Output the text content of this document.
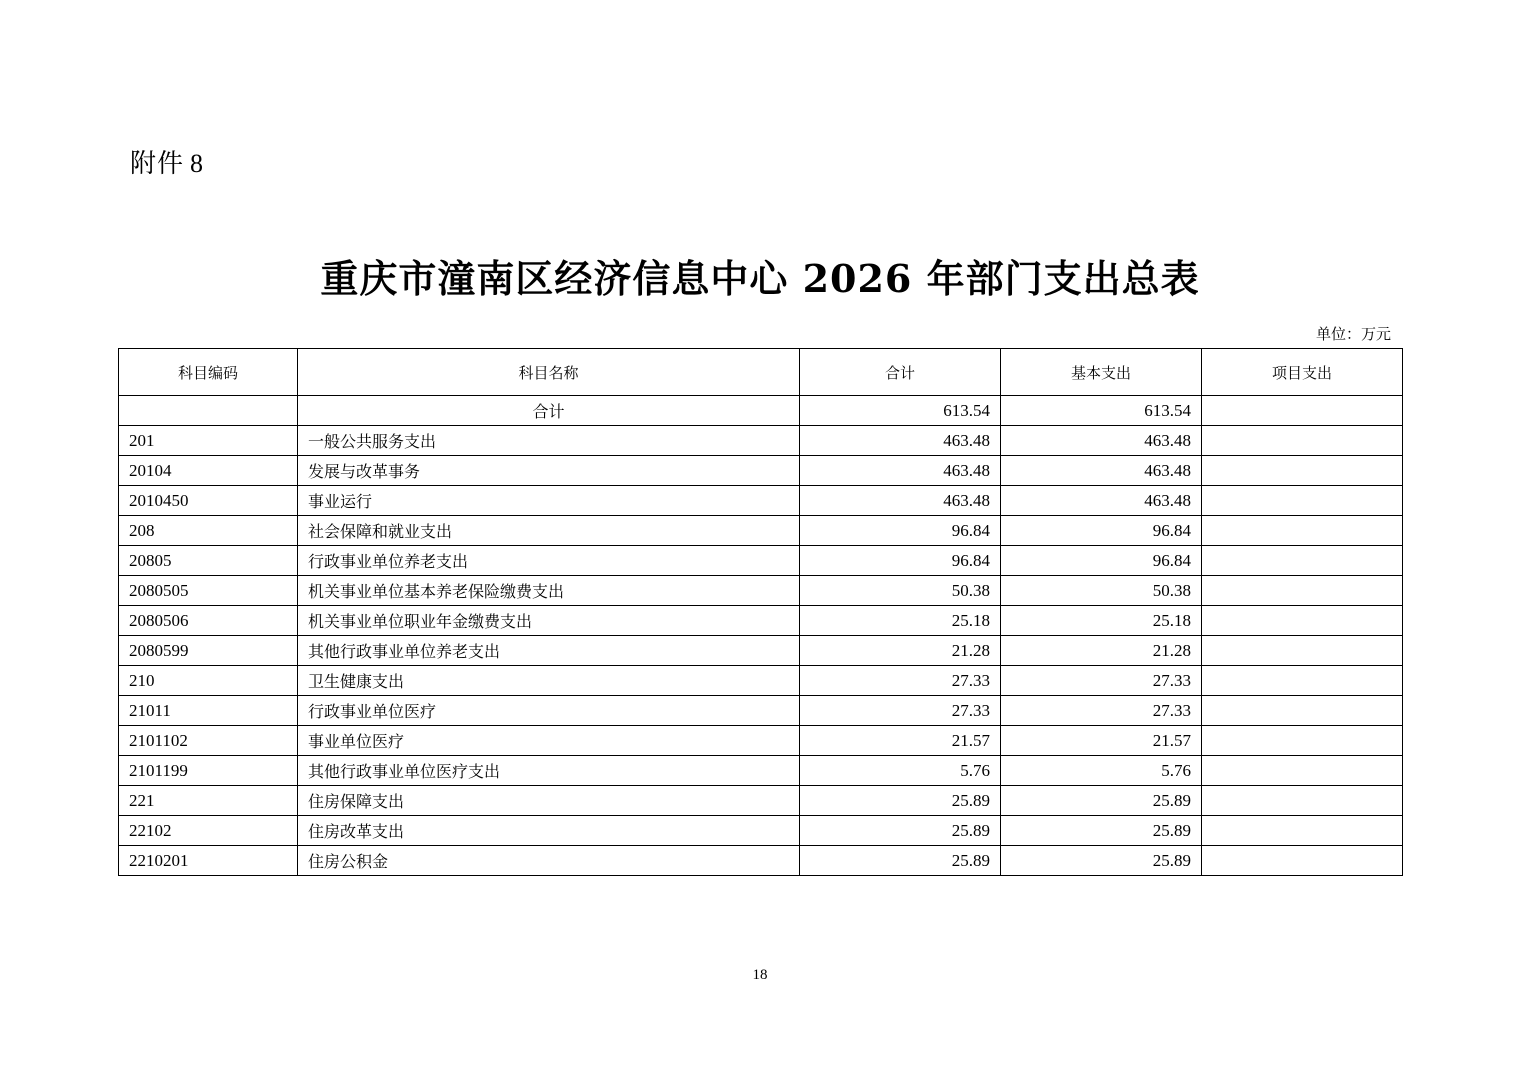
附件 8
重庆市潼南区经济信息中心 2026 年部门支出总表
单位：万元
科目编码	科目名称	合计	基本支出	项目支出
	合计	613.54	613.54	
201	一般公共服务支出	463.48	463.48	
20104	发展与改革事务	463.48	463.48	
2010450	事业运行	463.48	463.48	
208	社会保障和就业支出	96.84	96.84	
20805	行政事业单位养老支出	96.84	96.84	
2080505	机关事业单位基本养老保险缴费支出	50.38	50.38	
2080506	机关事业单位职业年金缴费支出	25.18	25.18	
2080599	其他行政事业单位养老支出	21.28	21.28	
210	卫生健康支出	27.33	27.33	
21011	行政事业单位医疗	27.33	27.33	
2101102	事业单位医疗	21.57	21.57	
2101199	其他行政事业单位医疗支出	5.76	5.76	
221	住房保障支出	25.89	25.89	
22102	住房改革支出	25.89	25.89	
2210201	住房公积金	25.89	25.89	
18
